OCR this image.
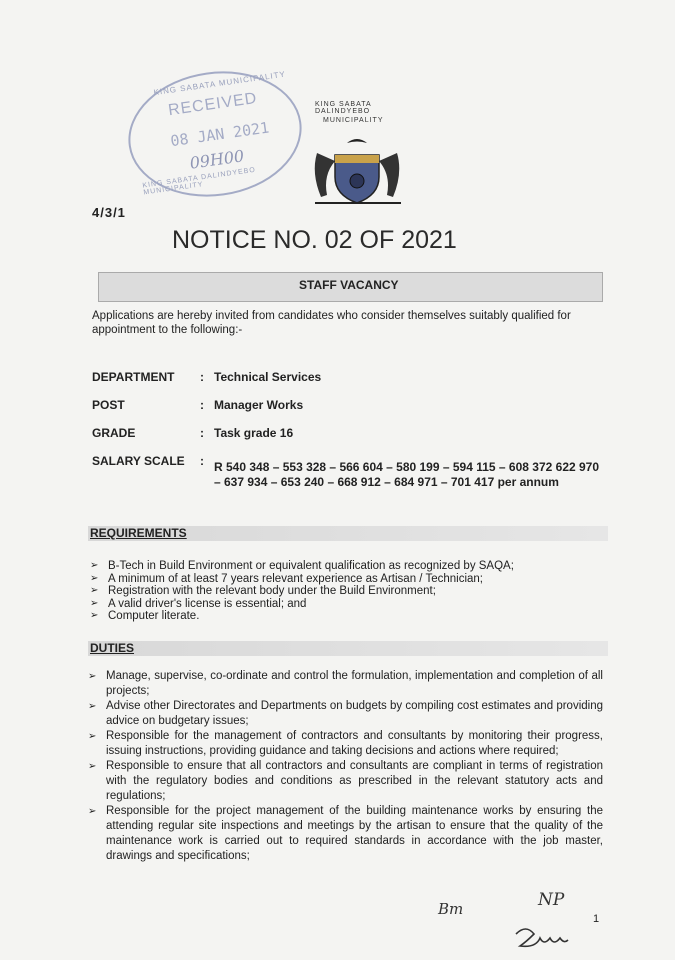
KING SABATA MUNICIPALITY
RECEIVED
08 JAN 2021
09H00
KING SABATA DALINDYEBO MUNICIPALITY
KING SABATA DALINDYEBO
MUNICIPALITY
4/3/1
NOTICE NO. 02 OF 2021
STAFF VACANCY
Applications are hereby invited from candidates who consider themselves suitably qualified for appointment to the following:-
DEPARTMENT	: Technical Services
POST	: Manager Works
GRADE	: Task grade 16
SALARY SCALE	: R 540 348 – 553 328 – 566 604 – 580 199 – 594 115 – 608 372 622 970 – 637 934 – 653 240 – 668 912 – 684 971 – 701 417 per annum
REQUIREMENTS
➢ B-Tech in Build Environment or equivalent qualification as recognized by SAQA;
➢ A minimum of at least 7 years relevant experience as Artisan / Technician;
➢ Registration with the relevant body under the Build Environment;
➢ A valid driver's license is essential; and
➢ Computer literate.
DUTIES
➢ Manage, supervise, co-ordinate and control the formulation, implementation and completion of all projects;
➢ Advise other Directorates and Departments on budgets by compiling cost estimates and providing advice on budgetary issues;
➢ Responsible for the management of contractors and consultants by monitoring their progress, issuing instructions, providing guidance and taking decisions and actions where required;
➢ Responsible to ensure that all contractors and consultants are compliant in terms of registration with the regulatory bodies and conditions as prescribed in the relevant statutory acts and regulations;
➢ Responsible for the project management of the building maintenance works by ensuring the attending regular site inspections and meetings by the artisan to ensure that the quality of the maintenance work is carried out to required standards in accordance with the job master, drawings and specifications;
Bm	NP
1
